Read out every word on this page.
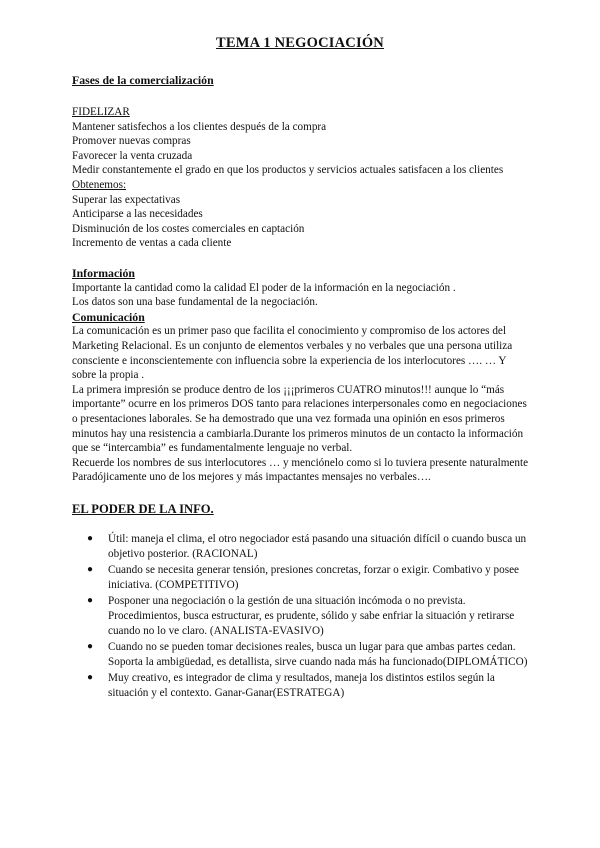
TEMA 1 NEGOCIACIÓN
Fases de la comercialización
FIDELIZAR
Mantener satisfechos a los clientes después de la compra
Promover nuevas compras
Favorecer la venta cruzada
Medir constantemente el grado en que los productos y servicios actuales satisfacen a los clientes
Obtenemos:
Superar las expectativas
Anticiparse a las necesidades
Disminución de los costes comerciales en captación
Incremento de ventas a cada cliente
Información
Importante la cantidad como la calidad El poder de la información en la negociación .
Los datos son una base fundamental de la negociación.
Comunicación

La comunicación es un primer paso que facilita el conocimiento y compromiso de los actores del Marketing Relacional. Es un conjunto de elementos verbales y no verbales que una persona utiliza consciente e inconscientemente con influencia sobre la experiencia de los interlocutores …. … Y sobre la propia .

La primera impresión se produce dentro de los ¡¡¡primeros CUATRO minutos!!! aunque lo “más importante” ocurre en los primeros DOS tanto para relaciones interpersonales como en negociaciones o presentaciones laborales. Se ha demostrado que una vez formada una opinión en esos primeros minutos hay una resistencia a cambiarla.Durante los primeros minutos de un contacto la información que se “intercambia” es fundamentalmente lenguaje no verbal.

Recuerde los nombres de sus interlocutores … y menciónelo como si lo tuviera presente naturalmente

Paradójicamente uno de los mejores y más impactantes mensajes no verbales….

EL PODER DE LA INFO.
● Útil: maneja el clima, el otro negociador está pasando una situación difícil o cuando busca un objetivo posterior. (RACIONAL)
● Cuando se necesita generar tensión, presiones concretas, forzar o exigir. Combativo y posee iniciativa. (COMPETITIVO)
● Posponer una negociación o la gestión de una situación incómoda o no prevista. Procedimientos, busca estructurar, es prudente, sólido y sabe enfriar la situación y retirarse cuando no lo ve claro. (ANALISTA-EVASIVO)
● Cuando no se pueden tomar decisiones reales, busca un lugar para que ambas partes cedan. Soporta la ambigüedad, es detallista, sirve cuando nada más ha funcionado(DIPLOMÁTICO)
● Muy creativo, es integrador de clima y resultados, maneja los distintos estilos según la situación y el contexto. Ganar-Ganar(ESTRATEGA)
